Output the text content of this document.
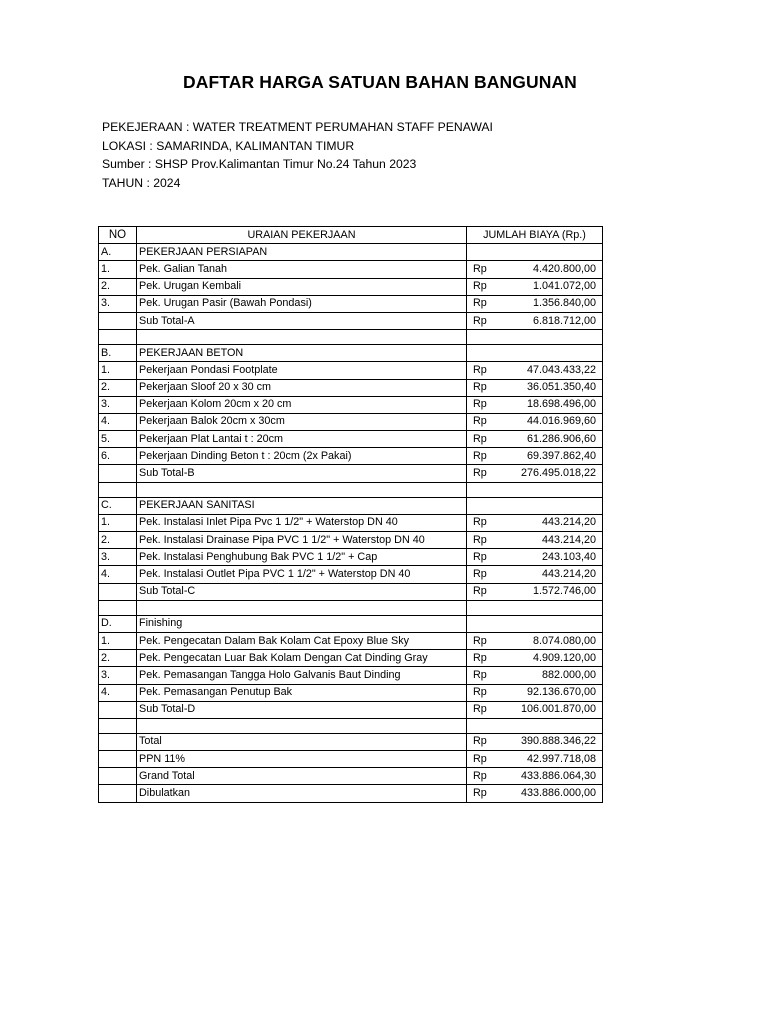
DAFTAR HARGA SATUAN BAHAN BANGUNAN
PEKEJERAAN : WATER TREATMENT PERUMAHAN STAFF PENAWAI
LOKASI : SAMARINDA, KALIMANTAN TIMUR
Sumber : SHSP Prov.Kalimantan Timur No.24 Tahun 2023
TAHUN : 2024
NO	URAIAN PEKERJAAN	JUMLAH BIAYA (Rp.)	
A.	PEKERJAAN PERSIAPAN		
1.	Pek. Galian Tanah	Rp	4.420.800,00
2.	Pek. Urugan Kembali	Rp	1.041.072,00
3.	Pek. Urugan Pasir (Bawah Pondasi)	Rp	1.356.840,00
	Sub Total-A	Rp	6.818.712,00

B.	PEKERJAAN BETON		
1.	Pekerjaan Pondasi Footplate	Rp	47.043.433,22
2.	Pekerjaan Sloof 20 x 30 cm	Rp	36.051.350,40
3.	Pekerjaan Kolom 20cm x 20 cm	Rp	18.698.496,00
4.	Pekerjaan Balok 20cm x 30cm	Rp	44.016.969,60
5.	Pekerjaan Plat Lantai t : 20cm	Rp	61.286.906,60
6.	Pekerjaan Dinding Beton t : 20cm (2x Pakai)	Rp	69.397.862,40
	Sub Total-B	Rp	276.495.018,22

C.	PEKERJAAN SANITASI		
1.	Pek. Instalasi Inlet Pipa Pvc 1 1/2" + Waterstop DN 40	Rp	443.214,20
2.	Pek. Instalasi Drainase Pipa PVC 1 1/2" + Waterstop DN 40	Rp	443.214,20
3.	Pek. Instalasi Penghubung Bak PVC 1 1/2" + Cap	Rp	243.103,40
4.	Pek. Instalasi Outlet Pipa PVC 1 1/2" + Waterstop DN 40	Rp	443.214,20
	Sub Total-C	Rp	1.572.746,00

D.	Finishing		
1.	Pek. Pengecatan Dalam Bak Kolam Cat Epoxy Blue Sky	Rp	8.074.080,00
2.	Pek. Pengecatan Luar Bak Kolam Dengan Cat Dinding Gray	Rp	4.909.120,00
3.	Pek. Pemasangan Tangga Holo Galvanis Baut Dinding	Rp	882.000,00
4.	Pek. Pemasangan Penutup Bak	Rp	92.136.670,00
	Sub Total-D	Rp	106.001.870,00

	Total	Rp	390.888.346,22
	PPN 11%	Rp	42.997.718,08
	Grand Total	Rp	433.886.064,30
	Dibulatkan	Rp	433.886.000,00
